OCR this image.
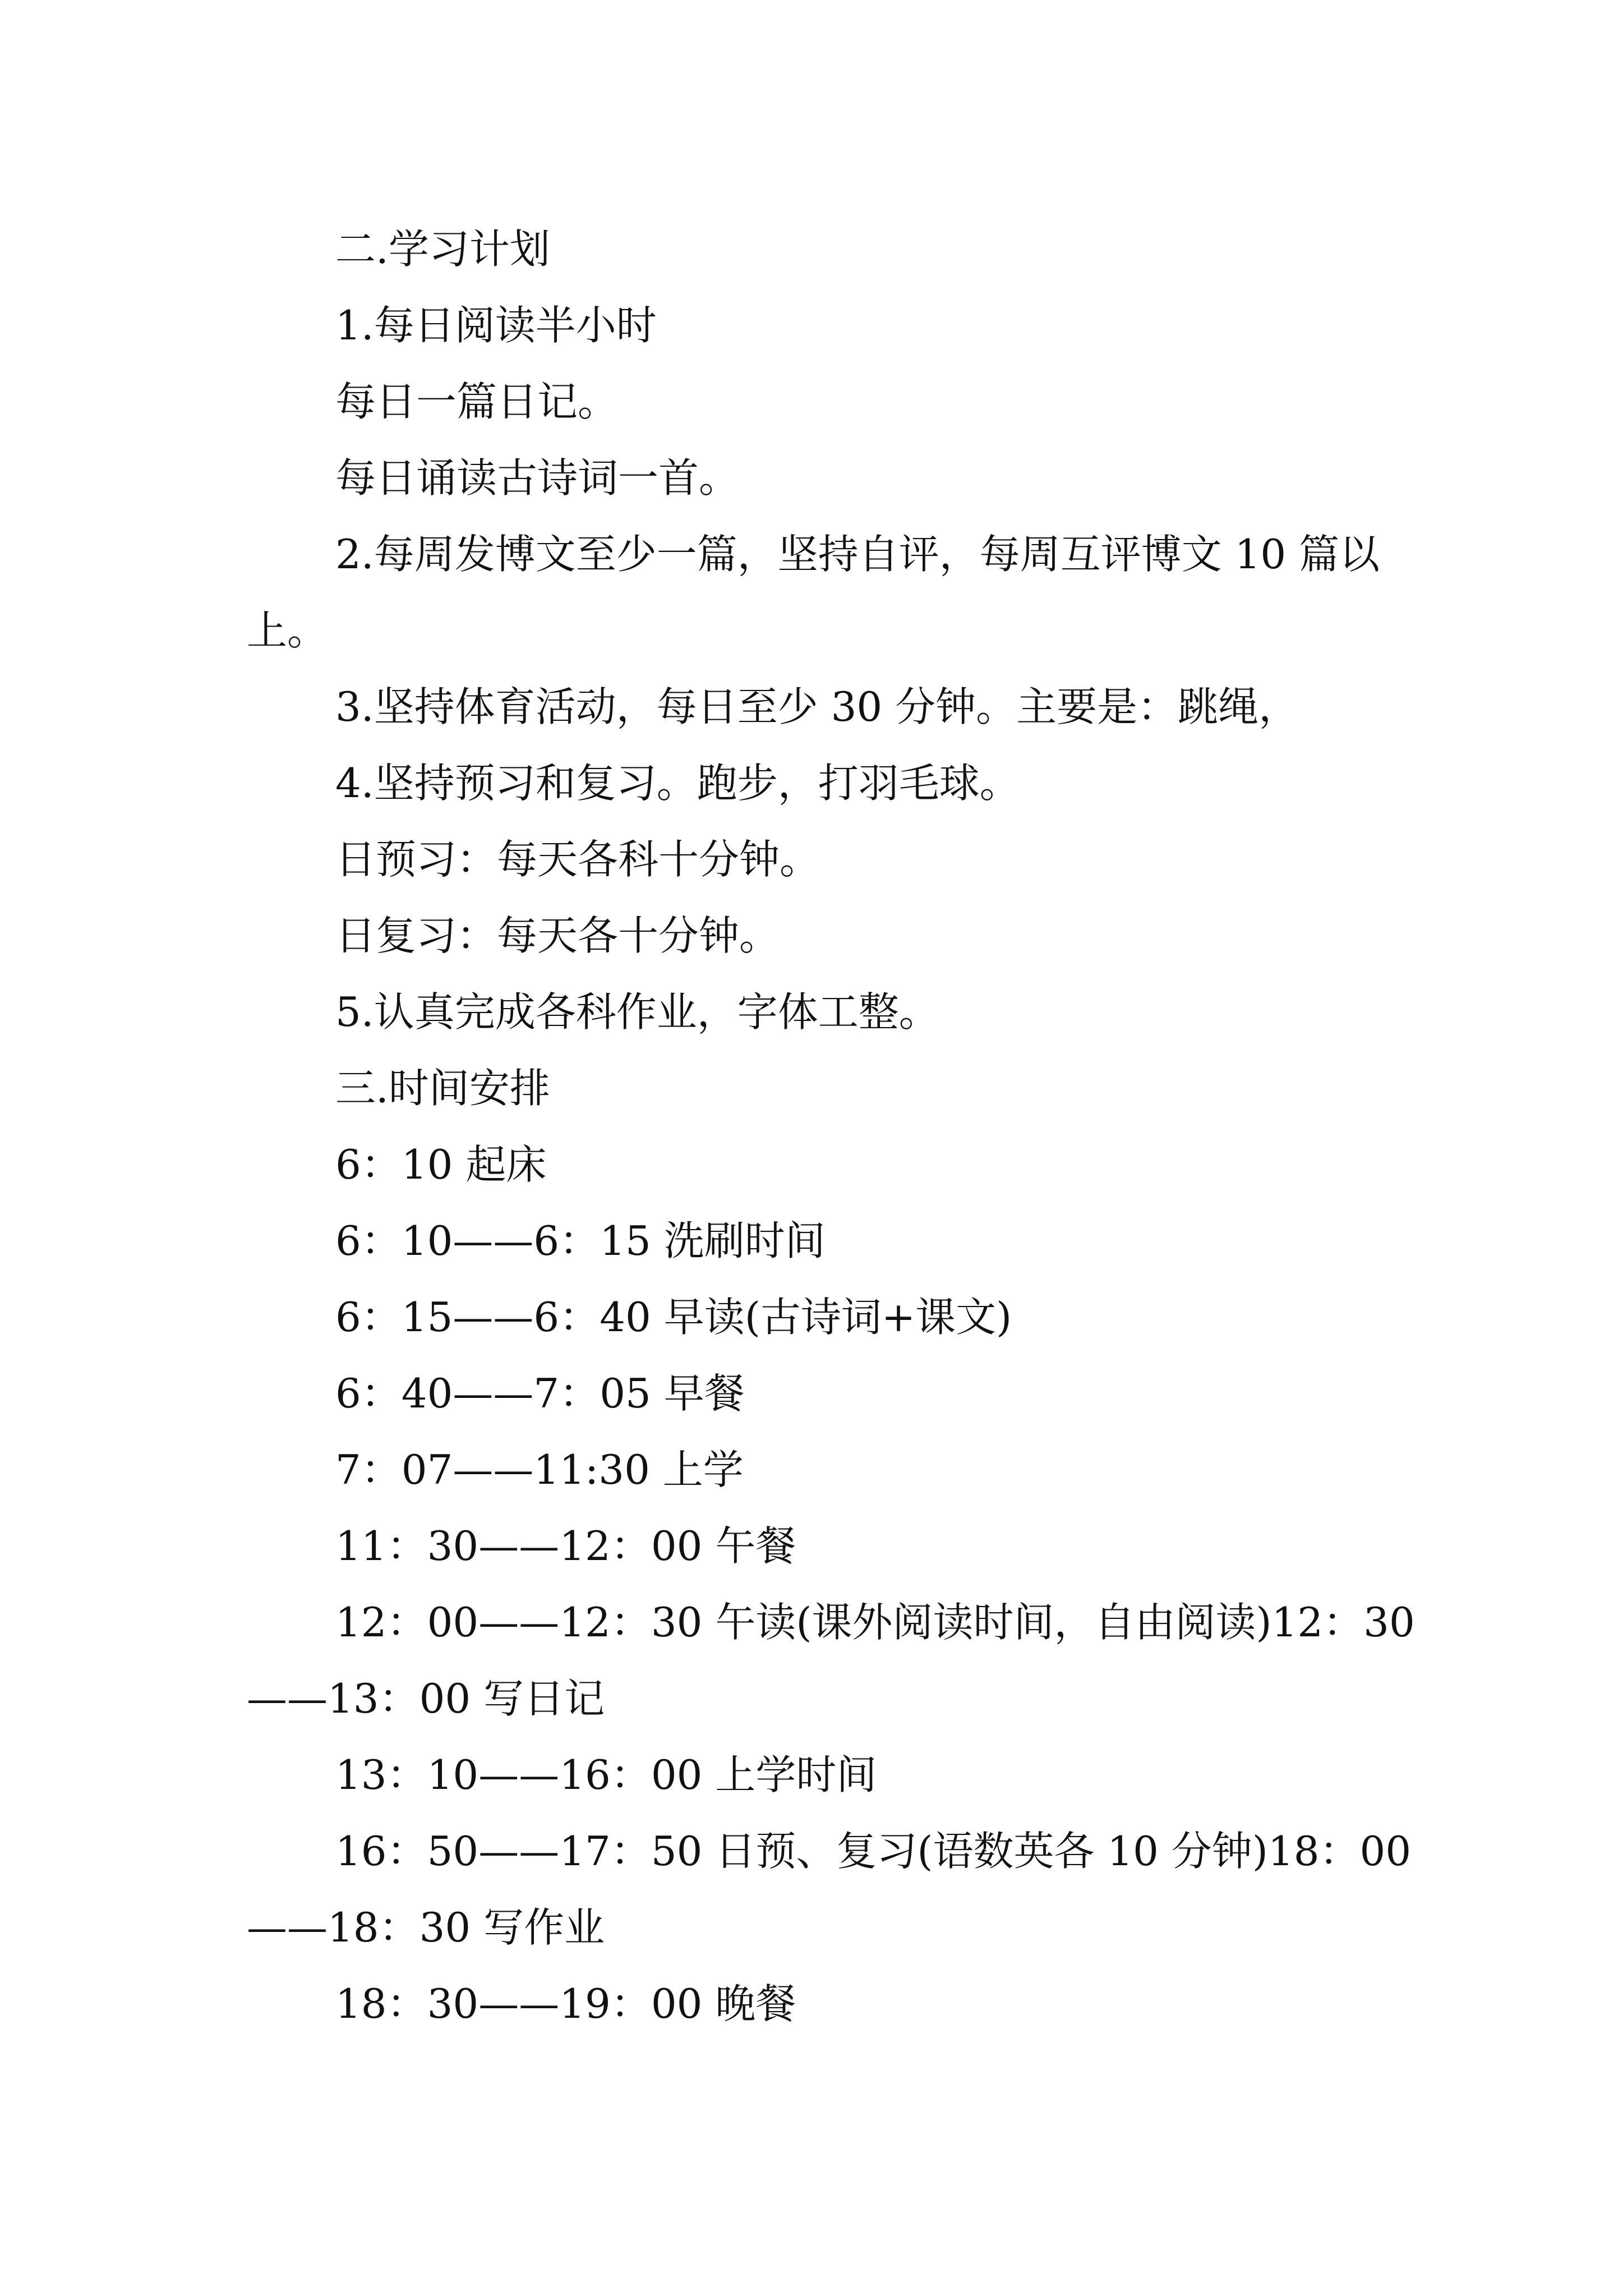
二.学习计划
1.每日阅读半小时
每日一篇日记。
每日诵读古诗词一首。
2.每周发博文至少一篇，坚持自评，每周互评博文 10 篇以上。
3.坚持体育活动，每日至少 30 分钟。主要是：跳绳，
4.坚持预习和复习。跑步，打羽毛球。
日预习：每天各科十分钟。
日复习：每天各十分钟。
5.认真完成各科作业，字体工整。
三.时间安排
6：10 起床
6：10——6：15 洗刷时间
6：15——6：40 早读(古诗词+课文)
6：40——7：05 早餐
7：07——11:30 上学
11：30——12：00 午餐
12：00——12：30 午读(课外阅读时间，自由阅读)12：30——13：00 写日记
13：10——16：00 上学时间
16：50——17：50 日预、复习(语数英各 10 分钟)18：00——18：30 写作业
18：30——19：00 晚餐
